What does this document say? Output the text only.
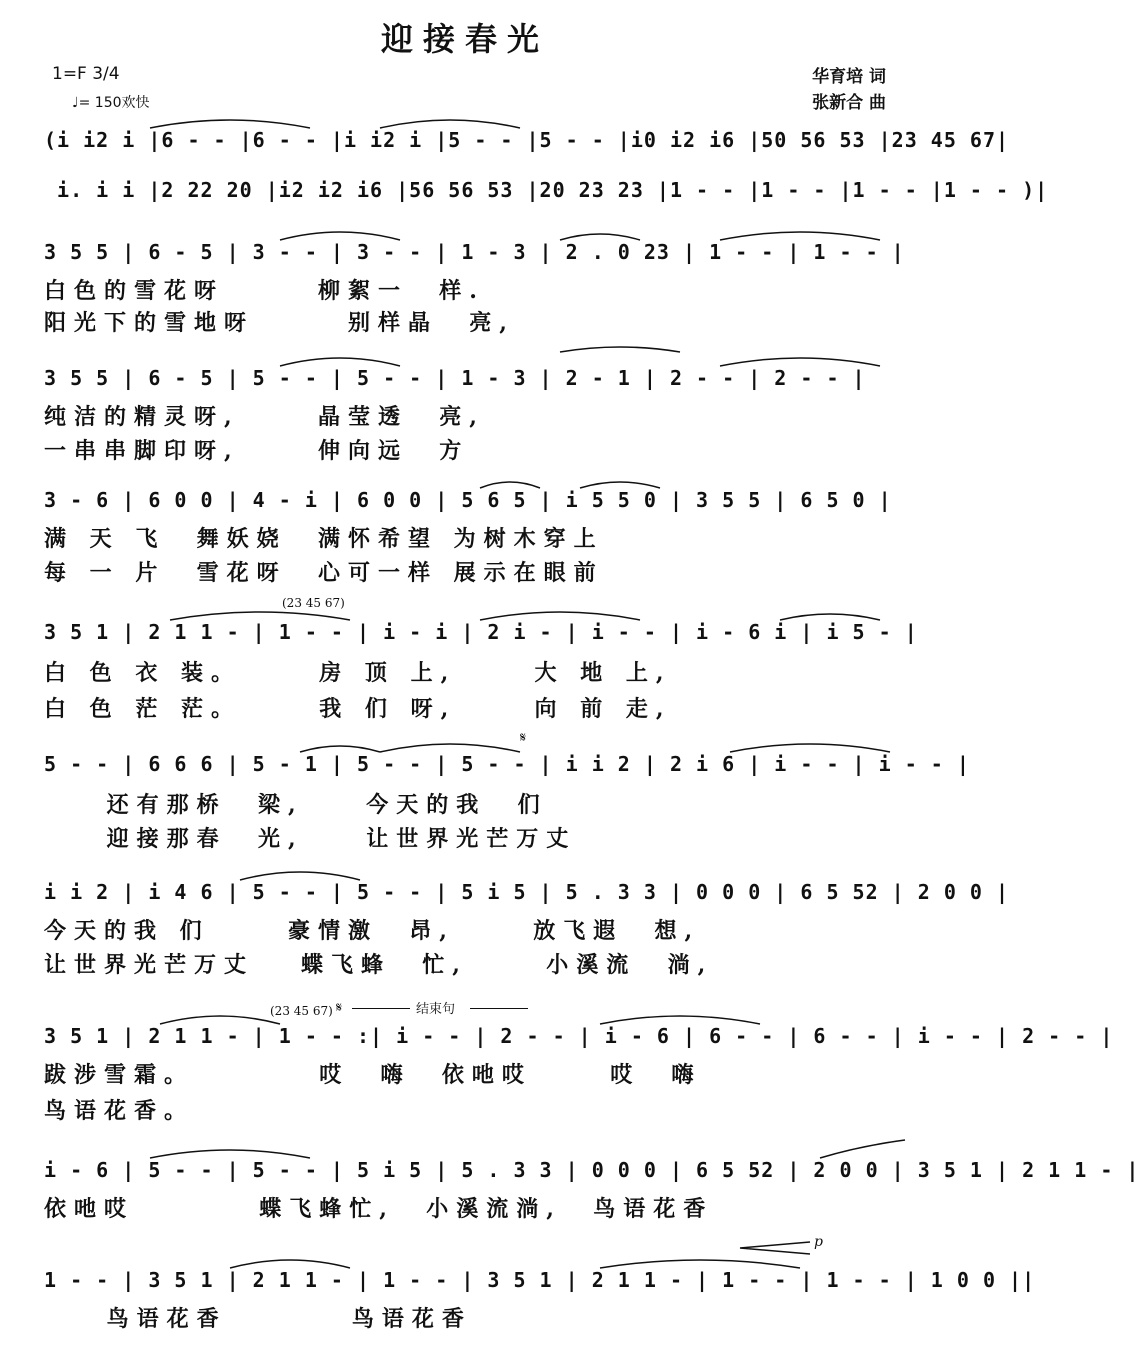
迎接春光
1=F 3/4
♩= 150欢快
华育培 词
张新合 曲
(i i2 i |6 - - |6 - - |i i2 i |5 - - |5 - - |i0 i2 i6 |50 56 53 |23 45 67|
i. i i |2 22 20 |i2 i2 i6 |56 56 53 |20 23 23 |1 - - |1 - - |1 - - |1 - - )|
3 5 5 | 6 - 5 | 3 - - | 3 - - | 1 - 3 | 2 . 0 23 | 1 - - | 1 - - |
白色的雪花呀      柳絮一  样.
阳光下的雪地呀      别样晶  亮,
3 5 5 | 6 - 5 | 5 - - | 5 - - | 1 - 3 | 2 - 1 | 2 - - | 2 - - |
纯洁的精灵呀,     晶莹透  亮,
一串串脚印呀,     伸向远  方
3 - 6 | 6 0 0 | 4 - i | 6 0 0 | 5 6 5 | i 5 5 0 | 3 5 5 | 6 5 0 |
满 天 飞  舞妖娆  满怀希望 为树木穿上
每 一 片  雪花呀  心可一样 展示在眼前
(23 45 67)
3 5 1 | 2 1 1 - | 1 - - | i - i | 2 i - | i - - | i - 6 i | i 5 - |
白 色 衣 装。     房 顶 上,     大 地 上,
白 色 茫 茫。     我 们 呀,     向 前 走,
𝄋
5 - - | 6 6 6 | 5 - 1 | 5 - - | 5 - - | i i 2 | 2 i 6 | i - - | i - - |
还有那桥  梁,    今天的我  们
迎接那春  光,    让世界光芒万丈
i i 2 | i 4 6 | 5 - - | 5 - - | 5 i 5 | 5 . 3 3 | 0 0 0 | 6 5 52 | 2 0 0 |
今天的我 们     豪情激  昂,     放飞遐  想,
让世界光芒万丈   蝶飞蜂  忙,     小溪流  淌,
(23 45 67) 𝄋	结束句
3 5 1 | 2 1 1 - | 1 - - :| i - - | 2 - - | i - 6 | 6 - - | 6 - - | i - - | 2 - - |
跋涉雪霜。        哎  嗨  依吔哎     哎  嗨
鸟语花香。
i - 6 | 5 - - | 5 - - | 5 i 5 | 5 . 3 3 | 0 0 0 | 6 5 52 | 2 0 0 | 3 5 1 | 2 1 1 - |
依吔哎        蝶飞蜂忙,  小溪流淌,  鸟语花香
p
1 - - | 3 5 1 | 2 1 1 - | 1 - - | 3 5 1 | 2 1 1 - | 1 - - | 1 - - | 1 0 0 ||
鸟语花香        鸟语花香
